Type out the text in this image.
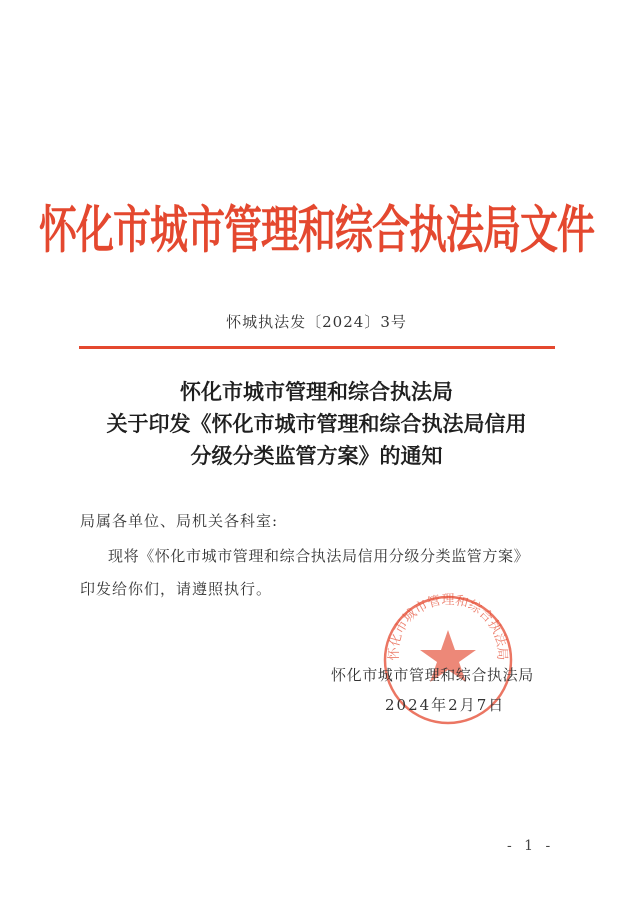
怀化市城市管理和综合执法局文件
怀城执法发〔2024〕3号
怀化市城市管理和综合执法局
关于印发《怀化市城市管理和综合执法局信用
分级分类监管方案》的通知
局属各单位、局机关各科室:
现将《怀化市城市管理和综合执法局信用分级分类监管方案》
印发给你们，请遵照执行。
怀化市城市管理和综合执法局
怀化市城市管理和综合执法局
2024年2月7日
- 1 -
